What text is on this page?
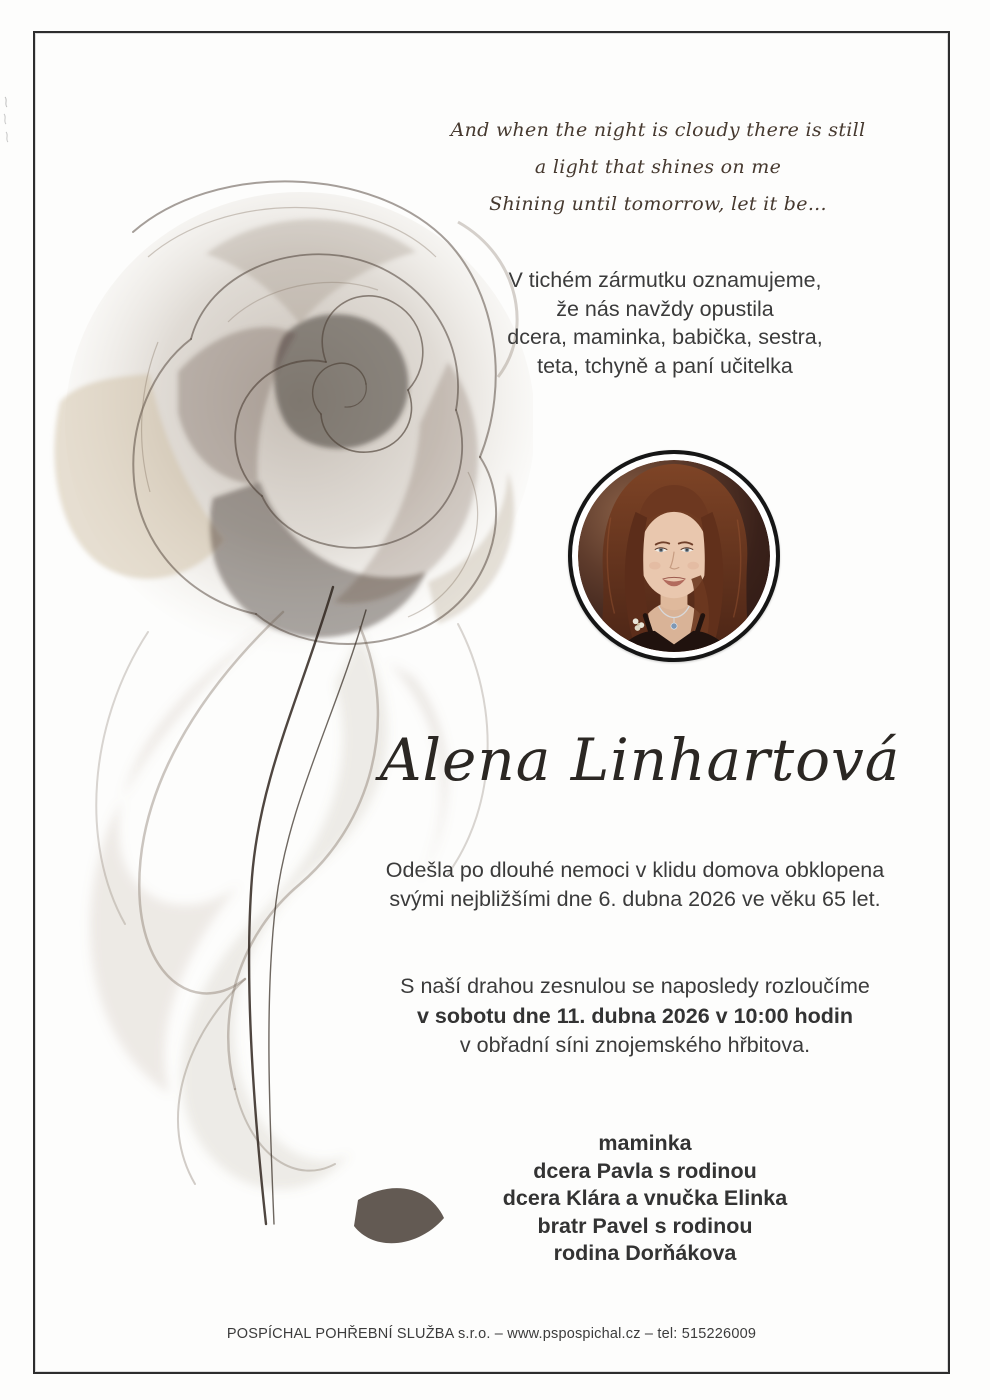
And when the night is cloudy there is still
a light that shines on me
Shining until tomorrow, let it be...
V tichém zármutku oznamujeme,
že nás navždy opustila
dcera, maminka, babička, sestra,
teta, tchyně a paní učitelka
Alena Linhartová
Odešla po dlouhé nemoci v klidu domova obklopena
svými nejbližšími dne 6. dubna 2026 ve věku 65 let.
S naší drahou zesnulou se naposledy rozloučíme
v sobotu dne 11. dubna 2026 v 10:00 hodin
v obřadní síni znojemského hřbitova.
maminka
dcera Pavla s rodinou
dcera Klára a vnučka Elinka
bratr Pavel s rodinou
rodina Dorňákova
POSPÍCHAL POHŘEBNÍ SLUŽBA s.r.o. – www.pspospichal.cz – tel: 515226009
